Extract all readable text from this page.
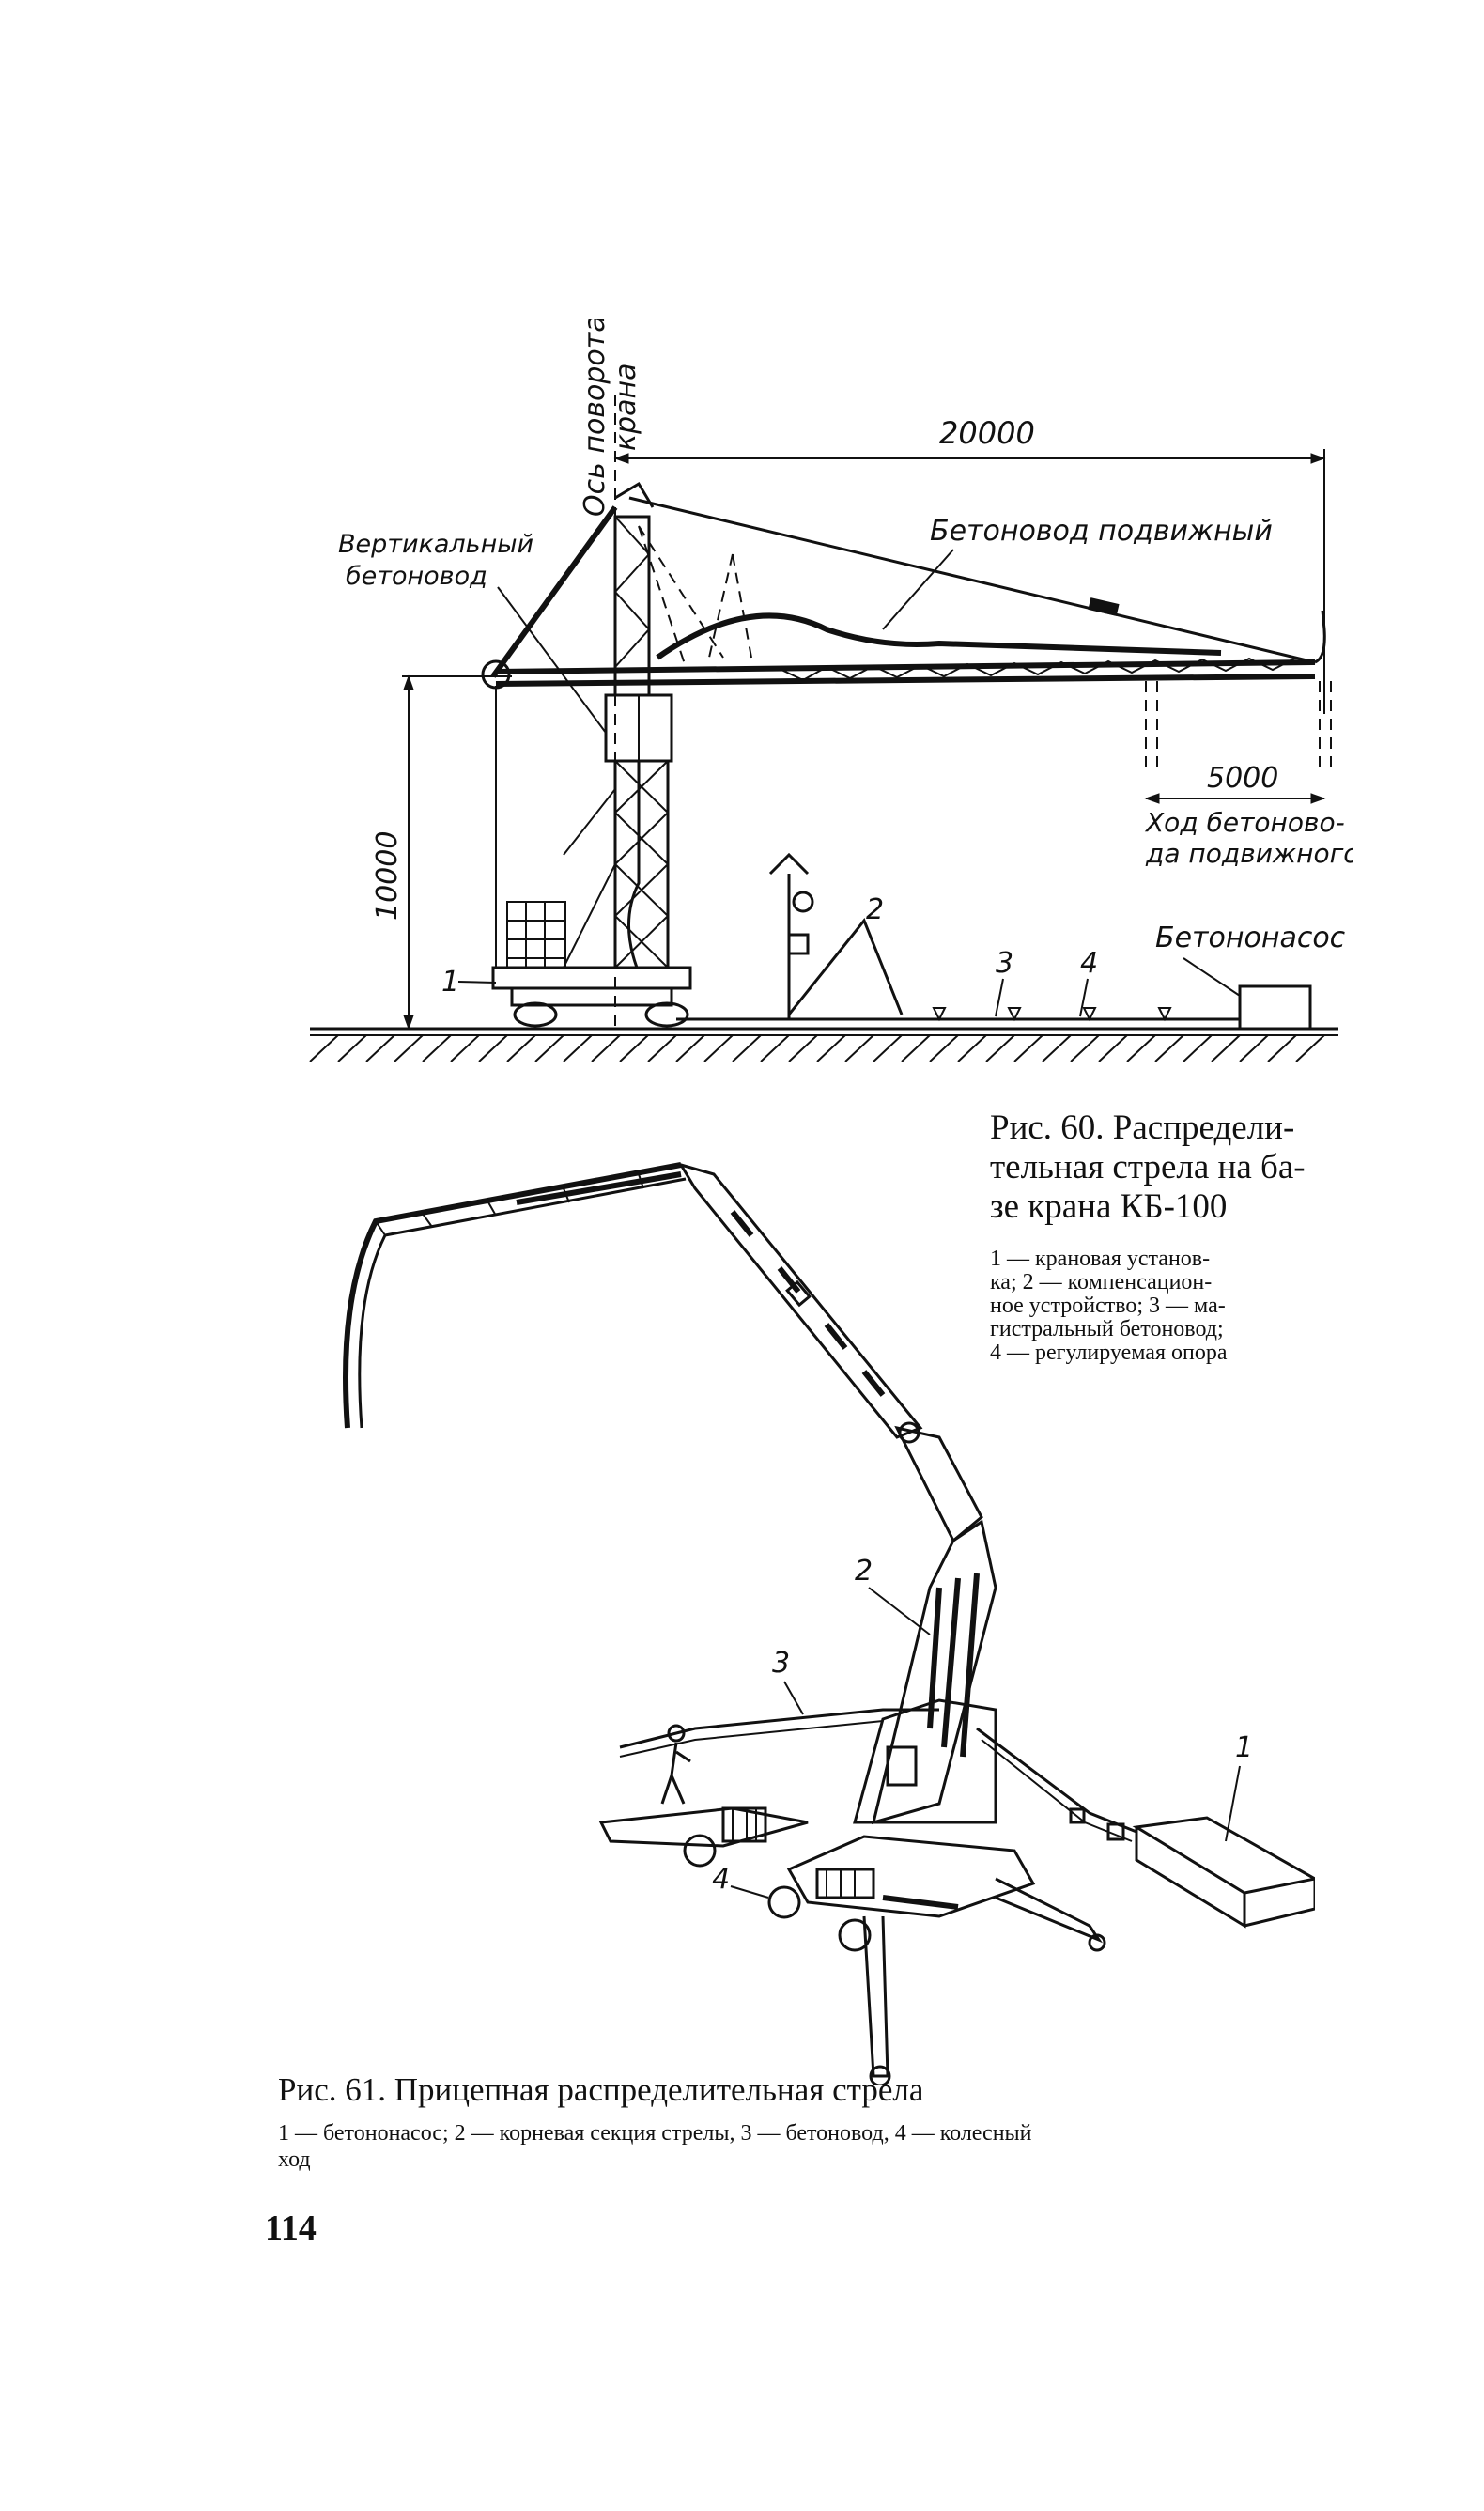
20000
10000
Ось поворота
крана
5000
Вертикальный
бетоновод
Бетоновод подвижный
Ход бетоново-
да подвижного
Бетононасос
1
2
3 4
Рис. 60. Распредели-
тельная стрела на ба-
зе крана КБ-100
1 — крановая установ-
ка; 2 — компенсацион-
ное устройство; 3 — ма-
гистральный бетоновод;
4 — регулируемая опора
2
3
1
4
Рис. 61. Прицепная распределительная стрела
1 — бетононасос; 2 — корневая секция стрелы, 3 — бетоновод, 4 — колесный
ход
114
